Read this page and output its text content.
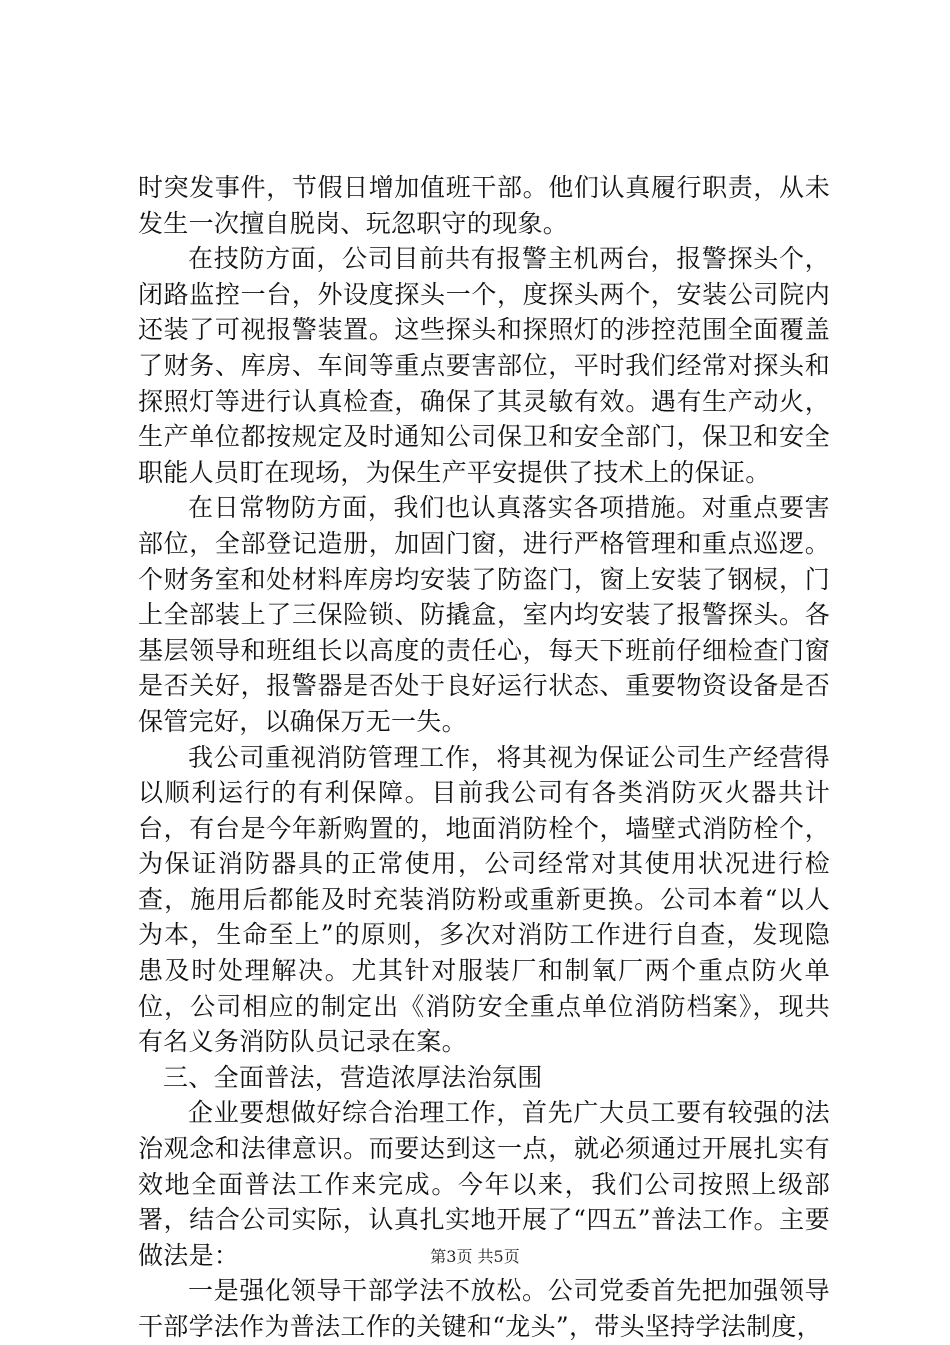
时突发事件，节假日增加值班干部。他们认真履行职责，从未发生一次擅自脱岗、玩忽职守的现象。

在技防方面，公司目前共有报警主机两台，报警探头个，闭路监控一台，外设度探头一个，度探头两个，安装公司院内还装了可视报警装置。这些探头和探照灯的涉控范围全面覆盖了财务、库房、车间等重点要害部位，平时我们经常对探头和探照灯等进行认真检查，确保了其灵敏有效。遇有生产动火，生产单位都按规定及时通知公司保卫和安全部门，保卫和安全职能人员盯在现场，为保生产平安提供了技术上的保证。

在日常物防方面，我们也认真落实各项措施。对重点要害部位，全部登记造册，加固门窗，进行严格管理和重点巡逻。个财务室和处材料库房均安装了防盗门，窗上安装了钢棂，门上全部装上了三保险锁、防撬盒，室内均安装了报警探头。各基层领导和班组长以高度的责任心，每天下班前仔细检查门窗是否关好，报警器是否处于良好运行状态、重要物资设备是否保管完好，以确保万无一失。

我公司重视消防管理工作，将其视为保证公司生产经营得以顺利运行的有利保障。目前我公司有各类消防灭火器共计台，有台是今年新购置的，地面消防栓个，墙壁式消防栓个，为保证消防器具的正常使用，公司经常对其使用状况进行检查，施用后都能及时充装消防粉或重新更换。公司本着“以人为本，生命至上”的原则，多次对消防工作进行自查，发现隐患及时处理解决。尤其针对服装厂和制氧厂两个重点防火单位，公司相应的制定出《消防安全重点单位消防档案》，现共有名义务消防队员记录在案。

三、全面普法，营造浓厚法治氛围

企业要想做好综合治理工作，首先广大员工要有较强的法治观念和法律意识。而要达到这一点，就必须通过开展扎实有效地全面普法工作来完成。今年以来，我们公司按照上级部署，结合公司实际，认真扎实地开展了“四五”普法工作。主要做法是：

一是强化领导干部学法不放松。公司党委首先把加强领导干部学法作为普法工作的关键和“龙头”，带头坚持学法制度，

第3页 共5页
